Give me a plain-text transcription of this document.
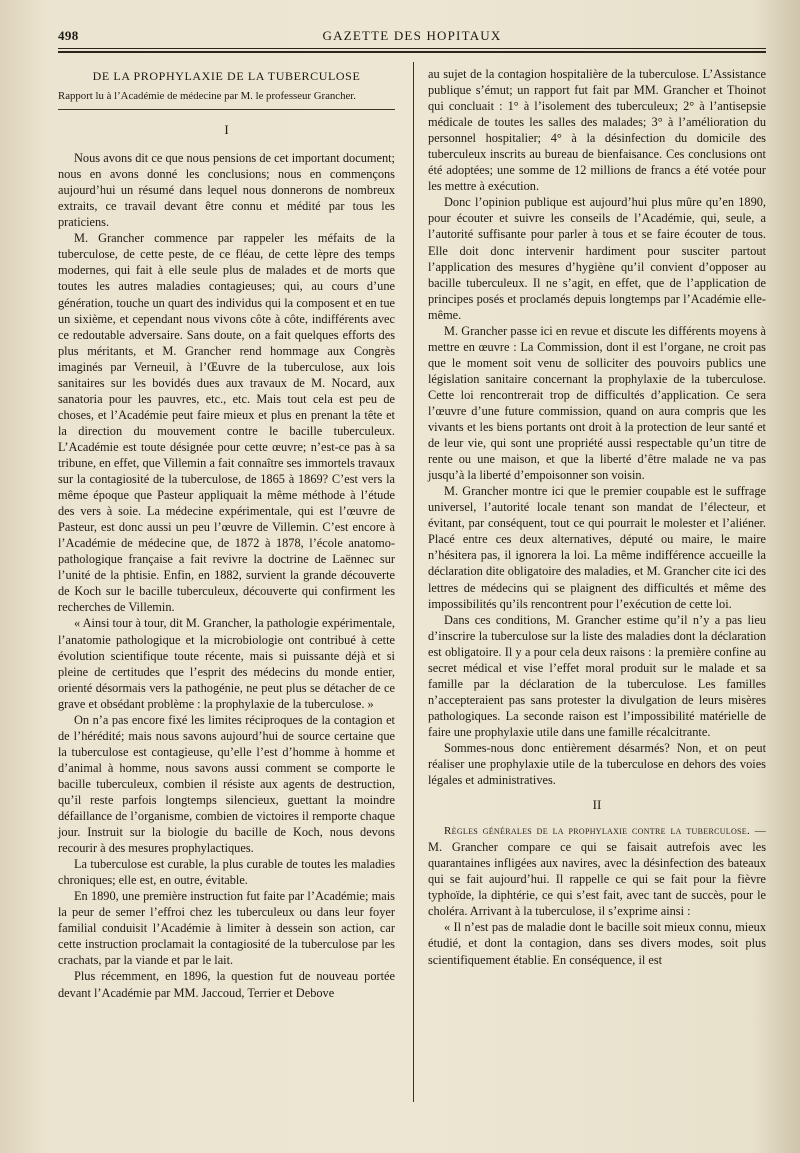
498	GAZETTE DES HOPITAUX
DE LA PROPHYLAXIE DE LA TUBERCULOSE
Rapport lu à l’Académie de médecine par M. le professeur Grancher.
I

Nous avons dit ce que nous pensions de cet important document; nous en avons donné les conclusions; nous en commençons aujourd’hui un résumé dans lequel nous donnerons de nombreux extraits, ce travail devant être connu et médité par tous les praticiens.

M. Grancher commence par rappeler les méfaits de la tuberculose, de cette peste, de ce fléau, de cette lèpre des temps modernes, qui fait à elle seule plus de malades et de morts que toutes les autres maladies contagieuses; qui, au cours d’une génération, touche un quart des individus qui la composent et en tue un sixième, et cependant nous vivons côte à côte, indifférents avec ce redoutable adversaire. Sans doute, on a fait quelques efforts des plus méritants, et M. Grancher rend hommage aux Congrès imaginés par Verneuil, à l’Œuvre de la tuberculose, aux lois sanitaires sur les bovidés dues aux travaux de M. Nocard, aux sanatoria pour les pauvres, etc., etc. Mais tout cela est peu de choses, et l’Académie peut faire mieux et plus en prenant la tête et la direction du mouvement contre le bacille tuberculeux. L’Académie est toute désignée pour cette œuvre; n’est-ce pas à sa tribune, en effet, que Villemin a fait connaître ses immortels travaux sur la contagiosité de la tuberculose, de 1865 à 1869? C’est vers la même époque que Pasteur appliquait la même méthode à l’étude des vers à soie. La médecine expérimentale, qui est l’œuvre de Pasteur, est donc aussi un peu l’œuvre de Villemin. C’est encore à l’Académie de médecine que, de 1872 à 1878, l’école anatomo-pathologique française a fait revivre la doctrine de Laënnec sur l’unité de la phtisie. Enfin, en 1882, survient la grande découverte de Koch sur le bacille tuberculeux, découverte qui confirment les recherches de Villemin.

« Ainsi tour à tour, dit M. Grancher, la pathologie expérimentale, l’anatomie pathologique et la microbiologie ont contribué à cette évolution scientifique toute récente, mais si puissante déjà et si pleine de certitudes que l’esprit des médecins du monde entier, orienté désormais vers la pathogénie, ne peut plus se détacher de ce grave et obsédant problème : la prophylaxie de la tuberculose. »

On n’a pas encore fixé les limites réciproques de la contagion et de l’hérédité; mais nous savons aujourd’hui de source certaine que la tuberculose est contagieuse, qu’elle l’est d’homme à homme et d’animal à homme, nous savons aussi comment se comporte le bacille tuberculeux, combien il résiste aux agents de destruction, qu’il reste parfois longtemps silencieux, guettant la moindre défaillance de l’organisme, combien de victoires il remporte chaque jour. Instruit sur la biologie du bacille de Koch, nous devons recourir à des mesures prophylactiques.

La tuberculose est curable, la plus curable de toutes les maladies chroniques; elle est, en outre, évitable.

En 1890, une première instruction fut faite par l’Académie; mais la peur de semer l’effroi chez les tuberculeux ou dans leur foyer familial conduisit l’Académie à limiter à dessein son action, car cette instruction proclamait la contagiosité de la tuberculose par les crachats, par la viande et par le lait.

Plus récemment, en 1896, la question fut de nouveau portée devant l’Académie par MM. Jaccoud, Terrier et Debove

au sujet de la contagion hospitalière de la tuberculose. L’Assistance publique s’émut; un rapport fut fait par MM. Grancher et Thoinot qui concluait : 1° à l’isolement des tuberculeux; 2° à l’antisepsie médicale de toutes les salles des malades; 3° à l’amélioration du personnel hospitalier; 4° à la désinfection du domicile des tuberculeux inscrits au bureau de bienfaisance. Ces conclusions ont été adoptées; une somme de 12 millions de francs a été votée pour les mettre à exécution.

Donc l’opinion publique est aujourd’hui plus mûre qu’en 1890, pour écouter et suivre les conseils de l’Académie, qui, seule, a l’autorité suffisante pour parler à tous et se faire écouter de tous. Elle doit donc intervenir hardiment pour susciter partout l’application des mesures d’hygiène qu’il convient d’opposer au bacille tuberculeux. Il ne s’agit, en effet, que de l’application de principes posés et proclamés depuis longtemps par l’Académie elle-même.

M. Grancher passe ici en revue et discute les différents moyens à mettre en œuvre : La Commission, dont il est l’organe, ne croit pas que le moment soit venu de solliciter des pouvoirs publics une législation sanitaire concernant la prophylaxie de la tuberculose. Cette loi rencontrerait trop de difficultés d’application. Ce sera l’œuvre d’une future commission, quand on aura compris que les vivants et les biens portants ont droit à la protection de leur santé et de leur vie, qui sont une propriété aussi respectable qu’un titre de rente ou une maison, et que la liberté d’être malade ne va pas jusqu’à la liberté d’empoisonner son voisin.

M. Grancher montre ici que le premier coupable est le suffrage universel, l’autorité locale tenant son mandat de l’électeur, et évitant, par conséquent, tout ce qui pourrait le molester et l’aliéner. Placé entre ces deux alternatives, député ou maire, le maire n’hésitera pas, il ignorera la loi. La même indifférence accueille la déclaration dite obligatoire des maladies, et M. Grancher cite ici des lettres de médecins qui se plaignent des difficultés et même des impossibilités qu’ils rencontrent pour l’exécution de cette loi.

Dans ces conditions, M. Grancher estime qu’il n’y a pas lieu d’inscrire la tuberculose sur la liste des maladies dont la déclaration est obligatoire. Il y a pour cela deux raisons : la première confine au secret médical et vise l’effet moral produit sur le malade et sa famille par la déclaration de la tuberculose. Les familles n’accepteraient pas sans protester la divulgation de leurs misères pathologiques. La seconde raison est l’impossibilité matérielle de faire une prophylaxie utile dans une famille récalcitrante.

Sommes-nous donc entièrement désarmés? Non, et on peut réaliser une prophylaxie utile de la tuberculose en dehors des voies légales et administratives.

II

Règles générales de la prophylaxie contre la tuberculose. — M. Grancher compare ce qui se faisait autrefois avec les quarantaines infligées aux navires, avec la désinfection des bateaux qui se fait aujourd’hui. Il rappelle ce qui se fait pour la fièvre typhoïde, la diphtérie, ce qui s’est fait, avec tant de succès, pour le choléra. Arrivant à la tuberculose, il s’exprime ainsi :

« Il n’est pas de maladie dont le bacille soit mieux connu, mieux étudié, et dont la contagion, dans ses divers modes, soit plus scientifiquement établie. En conséquence, il est
